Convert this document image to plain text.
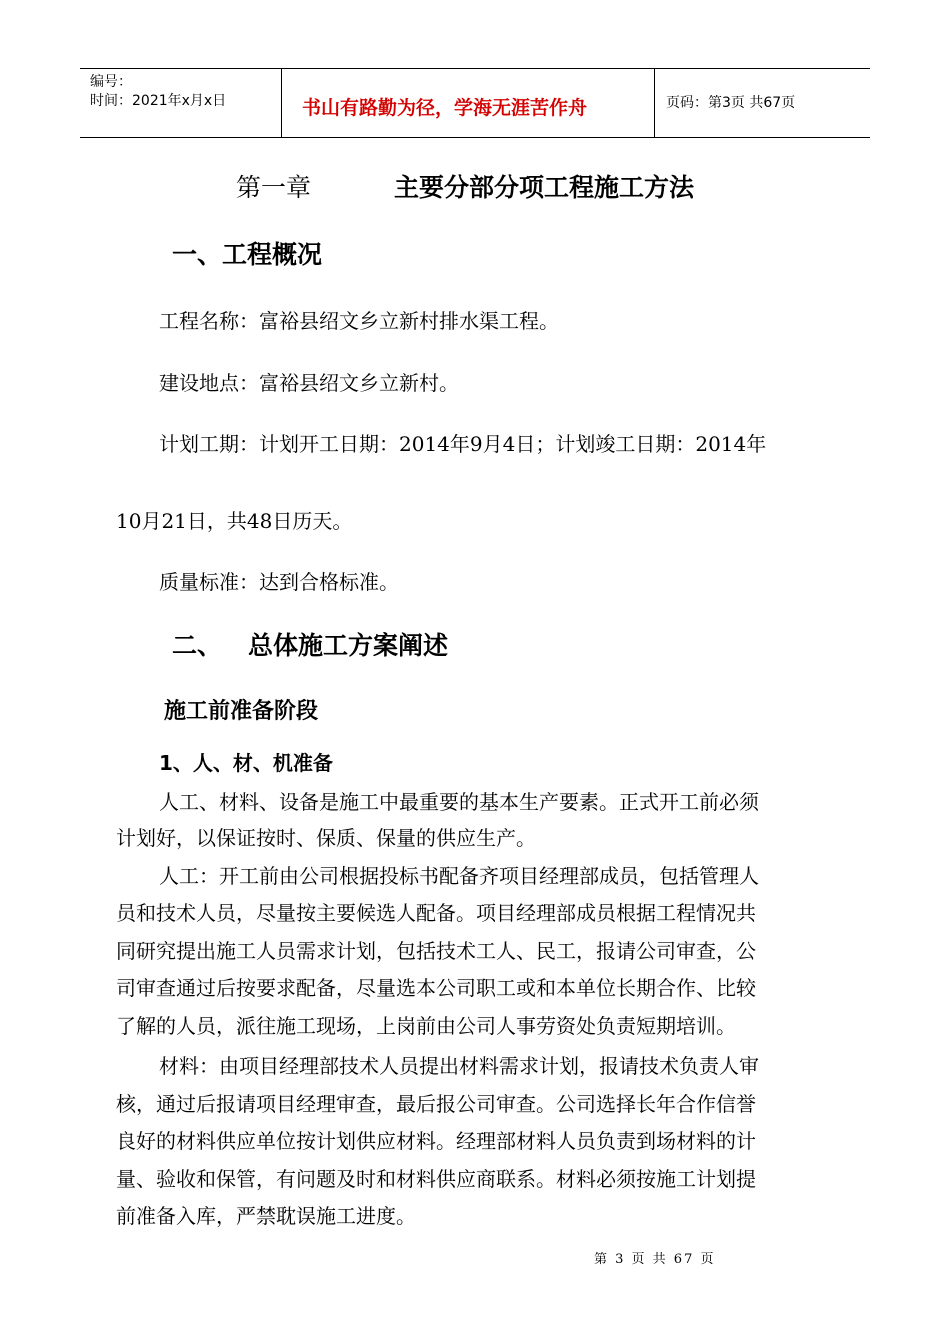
编号：
时间：2021年x月x日	书山有路勤为径，学海无涯苦作舟	页码：第3页 共67页
第一章	主要分部分项工程施工方法
一、工程概况
工程名称：富裕县绍文乡立新村排水渠工程。
建设地点：富裕县绍文乡立新村。
计划工期：计划开工日期：2014年9月4日；计划竣工日期：2014年
10月21日，共48日历天。
质量标准：达到合格标准。
二、 总体施工方案阐述
施工前准备阶段
1、人、材、机准备
人工、材料、设备是施工中最重要的基本生产要素。正式开工前必须
计划好，以保证按时、保质、保量的供应生产。
人工：开工前由公司根据投标书配备齐项目经理部成员，包括管理人
员和技术人员，尽量按主要候选人配备。项目经理部成员根据工程情况共
同研究提出施工人员需求计划，包括技术工人、民工，报请公司审查，公
司审查通过后按要求配备，尽量选本公司职工或和本单位长期合作、比较
了解的人员，派往施工现场，上岗前由公司人事劳资处负责短期培训。
材料：由项目经理部技术人员提出材料需求计划，报请技术负责人审
核，通过后报请项目经理审查，最后报公司审查。公司选择长年合作信誉
良好的材料供应单位按计划供应材料。经理部材料人员负责到场材料的计
量、验收和保管，有问题及时和材料供应商联系。材料必须按施工计划提
前准备入库，严禁耽误施工进度。
第 3 页 共 67 页
